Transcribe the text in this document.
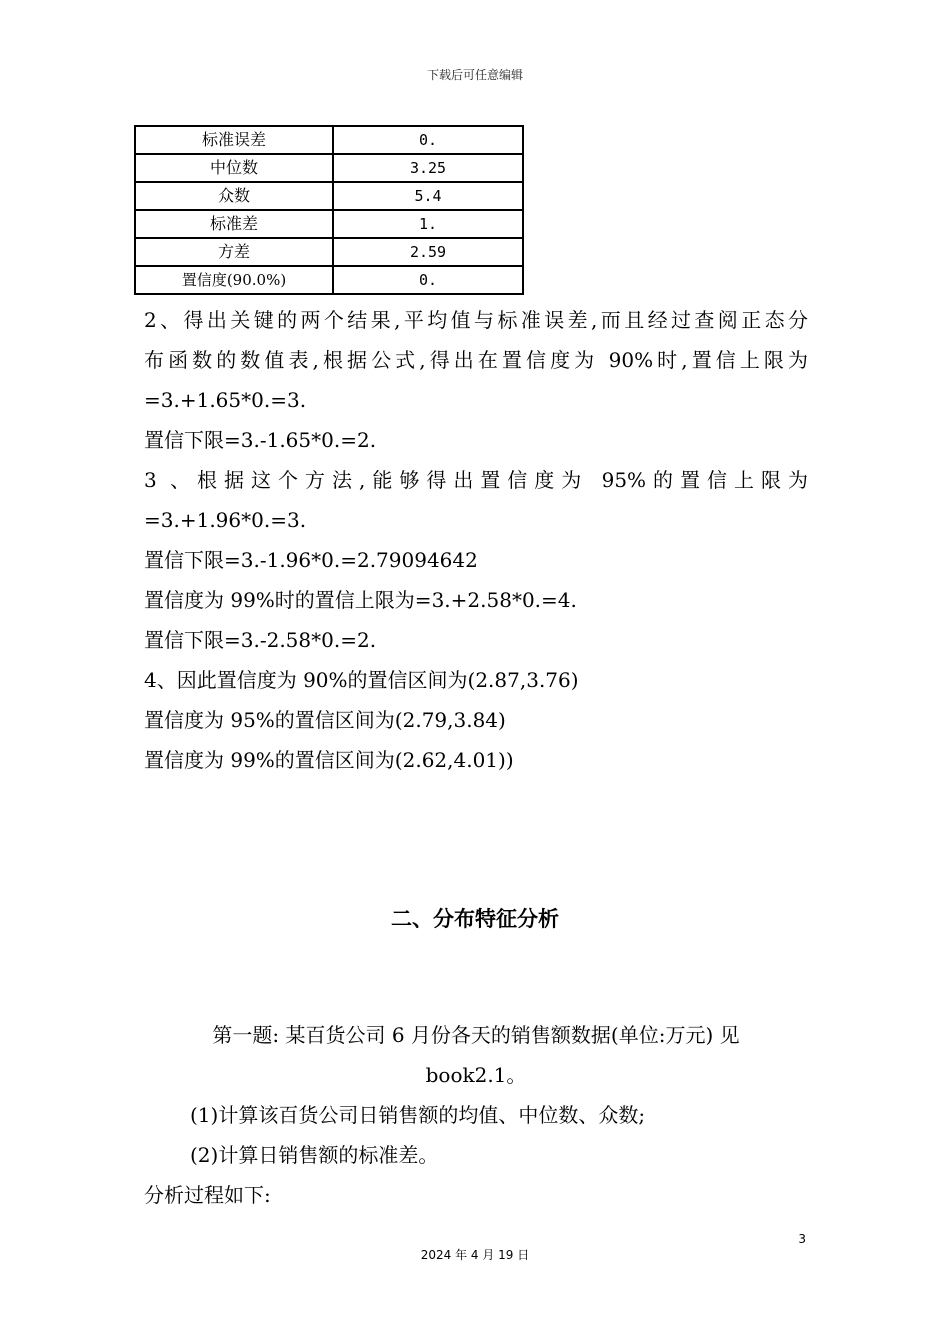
下载后可任意编辑
标准误差	0.
中位数	3.25
众数	5.4
标准差	1.
方差	2.59
置信度(90.0%)	0.

2、得出关键的两个结果,平均值与标准误差,而且经过查阅正态分

布函数的数值表,根据公式,得出在置信度为 90%时,置信上限为

=3.+1.65*0.=3.

置信下限=3.-1.65*0.=2.

3 、根据这个方法,能够得出置信度为 95%的置信上限为

=3.+1.96*0.=3.

置信下限=3.-1.96*0.=2.79094642

置信度为 99%时的置信上限为=3.+2.58*0.=4.

置信下限=3.-2.58*0.=2.

4、因此置信度为 90%的置信区间为(2.87,3.76)

置信度为 95%的置信区间为(2.79,3.84)

置信度为 99%的置信区间为(2.62,4.01))

二、分布特征分析

第一题: 某百货公司 6 月份各天的销售额数据(单位:万元) 见

book2.1。

(1)计算该百货公司日销售额的均值、中位数、众数;

(2)计算日销售额的标准差。

分析过程如下:

3
2024 年 4 月 19 日
